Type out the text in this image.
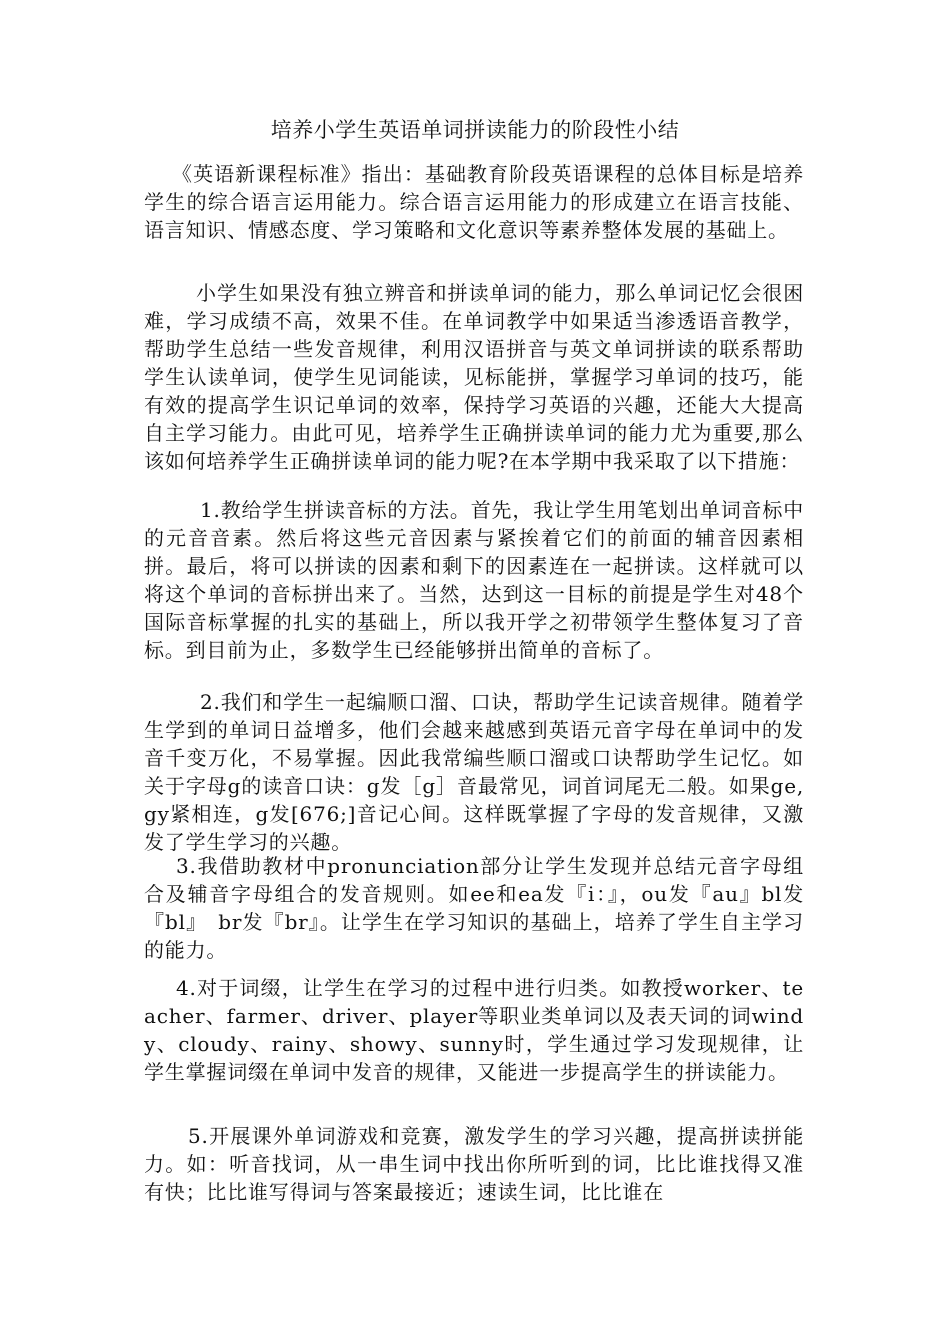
培养小学生英语单词拼读能力的阶段性小结

《英语新课程标准》指出：基础教育阶段英语课程的总体目标是培养学生的综合语言运用能力。综合语言运用能力的形成建立在语言技能、语言知识、情感态度、学习策略和文化意识等素养整体发展的基础上。

小学生如果没有独立辨音和拼读单词的能力，那么单词记忆会很困难，学习成绩不高，效果不佳。在单词教学中如果适当渗透语音教学，帮助学生总结一些发音规律，利用汉语拼音与英文单词拼读的联系帮助学生认读单词，使学生见词能读，见标能拼，掌握学习单词的技巧，能有效的提高学生识记单词的效率，保持学习英语的兴趣，还能大大提高自主学习能力。由此可见，培养学生正确拼读单词的能力尤为重要,那么该如何培养学生正确拼读单词的能力呢?在本学期中我采取了以下措施：

1.教给学生拼读音标的方法。首先，我让学生用笔划出单词音标中的元音音素。然后将这些元音因素与紧挨着它们的前面的辅音因素相拼。最后，将可以拼读的因素和剩下的因素连在一起拼读。这样就可以将这个单词的音标拼出来了。当然，达到这一目标的前提是学生对48个国际音标掌握的扎实的基础上，所以我开学之初带领学生整体复习了音标。到目前为止，多数学生已经能够拼出简单的音标了。

2.我们和学生一起编顺口溜、口诀，帮助学生记读音规律。随着学生学到的单词日益增多，他们会越来越感到英语元音字母在单词中的发音千变万化，不易掌握。因此我常编些顺口溜或口诀帮助学生记忆。如关于字母g的读音口诀：g发［g］音最常见，词首词尾无二般。如果ge, gy紧相连，g发[676;]音记心间。这样既掌握了字母的发音规律，又激发了学生学习的兴趣。

3.我借助教材中pronunciation部分让学生发现并总结元音字母组合及辅音字母组合的发音规则。如ee和ea发『i：』，ou发『au』bl发『bl』　br发『br』。让学生在学习知识的基础上，培养了学生自主学习的能力。

4.对于词缀，让学生在学习的过程中进行归类。如教授worker、teacher、farmer、driver、player等职业类单词以及表天词的词windy、cloudy、rainy、showy、sunny时，学生通过学习发现规律，让学生掌握词缀在单词中发音的规律，又能进一步提高学生的拼读能力。

5.开展课外单词游戏和竞赛，激发学生的学习兴趣，提高拼读拼能力。如：听音找词，从一串生词中找出你所听到的词，比比谁找得又准有快；比比谁写得词与答案最接近；速读生词，比比谁在
